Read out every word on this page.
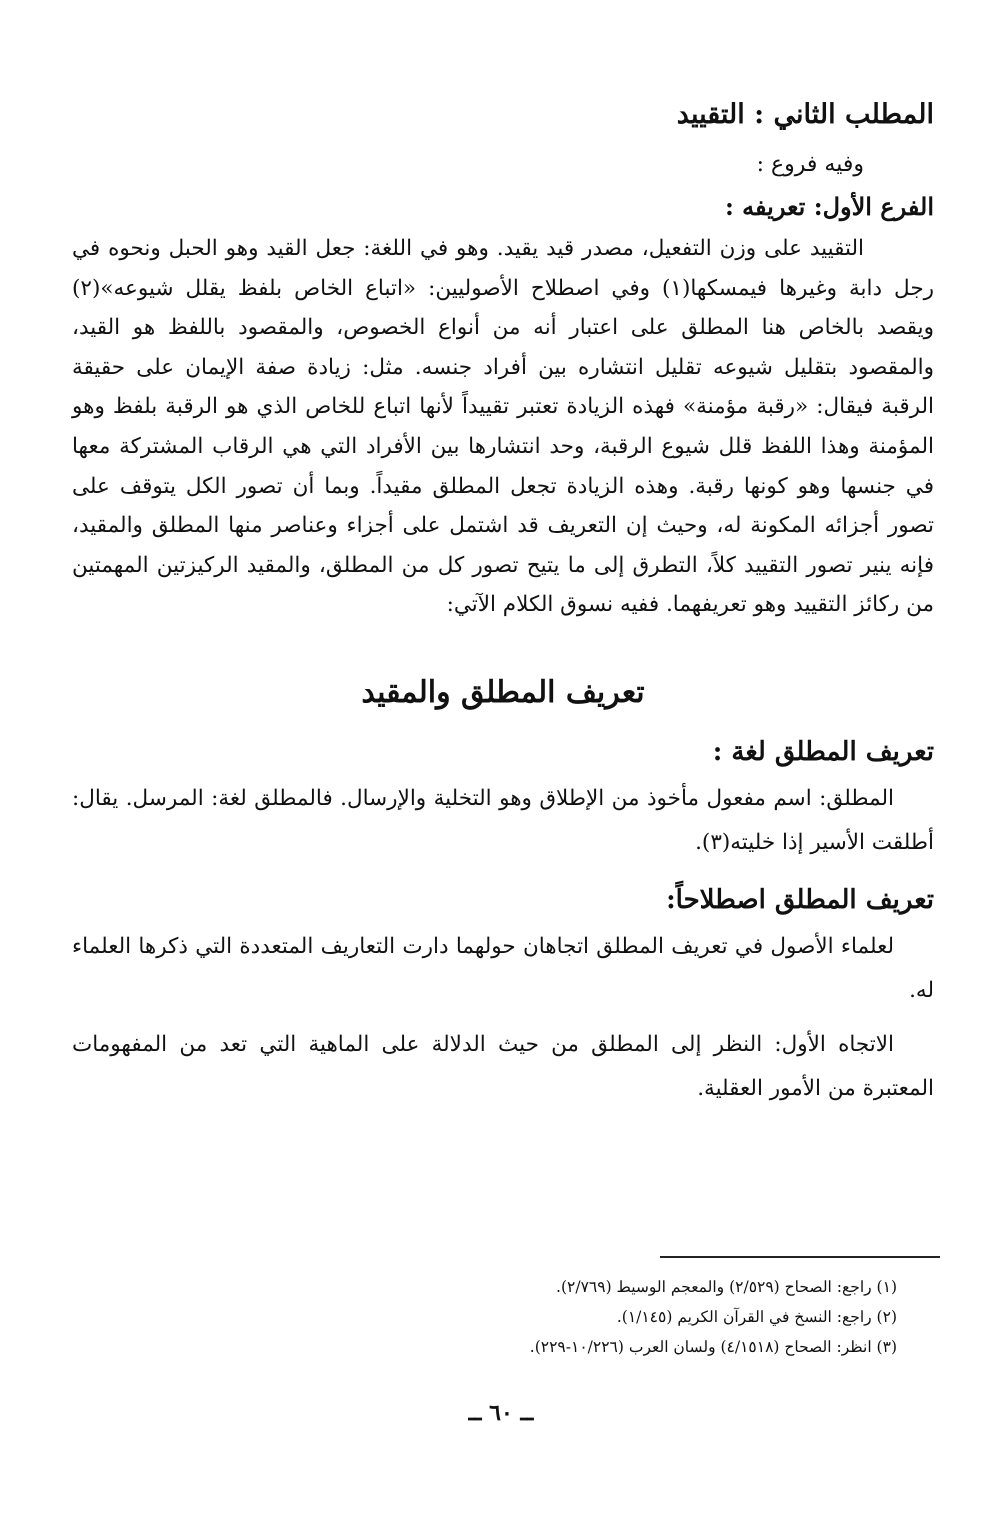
المطلب الثاني : التقييد

وفيه فروع :

الفرع الأول: تعريفه :

التقييد على وزن التفعيل، مصدر قيد يقيد. وهو في اللغة: جعل القيد وهو الحبل ونحوه في رجل دابة وغيرها فيمسكها(١) وفي اصطلاح الأصوليين: «اتباع الخاص بلفظ يقلل شيوعه»(٢) ويقصد بالخاص هنا المطلق على اعتبار أنه من أنواع الخصوص، والمقصود باللفظ هو القيد، والمقصود بتقليل شيوعه تقليل انتشاره بين أفراد جنسه. مثل: زيادة صفة الإيمان على حقيقة الرقبة فيقال: «رقبة مؤمنة» فهذه الزيادة تعتبر تقييداً لأنها اتباع للخاص الذي هو الرقبة بلفظ وهو المؤمنة وهذا اللفظ قلل شيوع الرقبة، وحد انتشارها بين الأفراد التي هي الرقاب المشتركة معها في جنسها وهو كونها رقبة. وهذه الزيادة تجعل المطلق مقيداً. وبما أن تصور الكل يتوقف على تصور أجزائه المكونة له، وحيث إن التعريف قد اشتمل على أجزاء وعناصر منها المطلق والمقيد، فإنه ينير تصور التقييد كلاً، التطرق إلى ما يتيح تصور كل من المطلق، والمقيد الركيزتين المهمتين من ركائز التقييد وهو تعريفهما. ففيه نسوق الكلام الآتي:

تعريف المطلق والمقيد
تعريف المطلق لغة :

المطلق: اسم مفعول مأخوذ من الإطلاق وهو التخلية والإرسال. فالمطلق لغة: المرسل. يقال: أطلقت الأسير إذا خليته(٣).

تعريف المطلق اصطلاحاً:

لعلماء الأصول في تعريف المطلق اتجاهان حولهما دارت التعاريف المتعددة التي ذكرها العلماء له.

الاتجاه الأول: النظر إلى المطلق من حيث الدلالة على الماهية التي تعد من المفهومات المعتبرة من الأمور العقلية.

(١) راجع: الصحاح (٢/٥٢٩) والمعجم الوسيط (٢/٧٦٩).
(٢) راجع: النسخ في القرآن الكريم (١/١٤٥).
(٣) انظر: الصحاح (٤/١٥١٨) ولسان العرب (١٠/٢٢٦-٢٢٩).
ــ ٦٠ ــ
